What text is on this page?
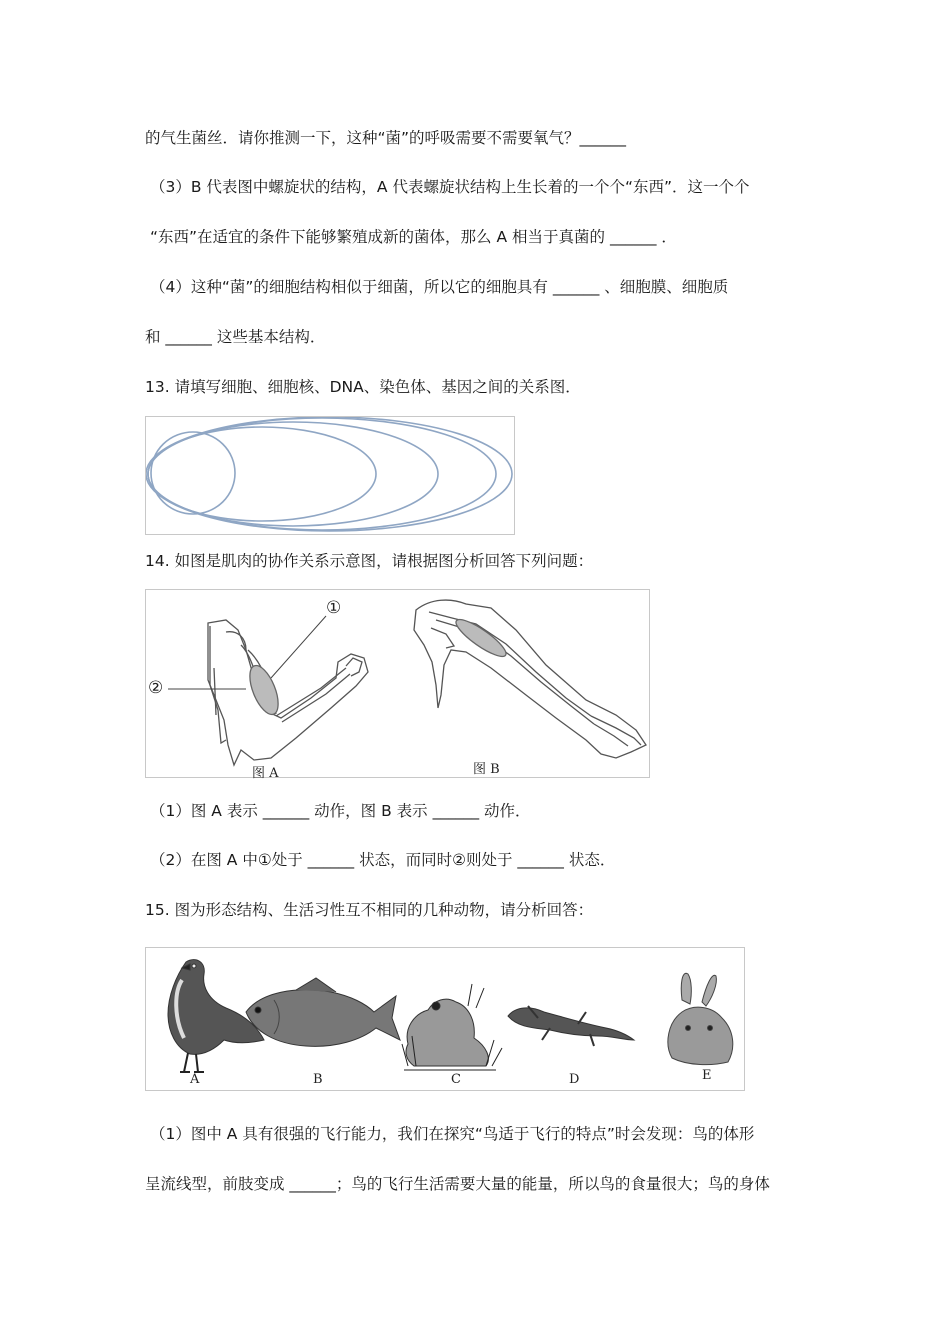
的气生菌丝．请你推测一下，这种“菌”的呼吸需要不需要氧气？______
（3）B 代表图中螺旋状的结构，A 代表螺旋状结构上生长着的一个个“东西”．这一个个
“东西”在适宜的条件下能够繁殖成新的菌体，那么 A 相当于真菌的 ______ ．
（4）这种“菌”的细胞结构相似于细菌，所以它的细胞具有 ______ 、细胞膜、细胞质
和 ______ 这些基本结构．
13. 请填写细胞、细胞核、DNA、染色体、基因之间的关系图．
14. 如图是肌肉的协作关系示意图，请根据图分析回答下列问题：
①
②
图 A	图 B
（1）图 A 表示 ______ 动作，图 B 表示 ______ 动作．
（2）在图 A 中①处于 ______ 状态，而同时②则处于 ______ 状态．
15. 图为形态结构、生活习性互不相同的几种动物，请分析回答：
A	B	C	D	E
（1）图中 A 具有很强的飞行能力，我们在探究“鸟适于飞行的特点”时会发现：鸟的体形
呈流线型，前肢变成 ______；鸟的飞行生活需要大量的能量，所以鸟的食量很大；鸟的身体
